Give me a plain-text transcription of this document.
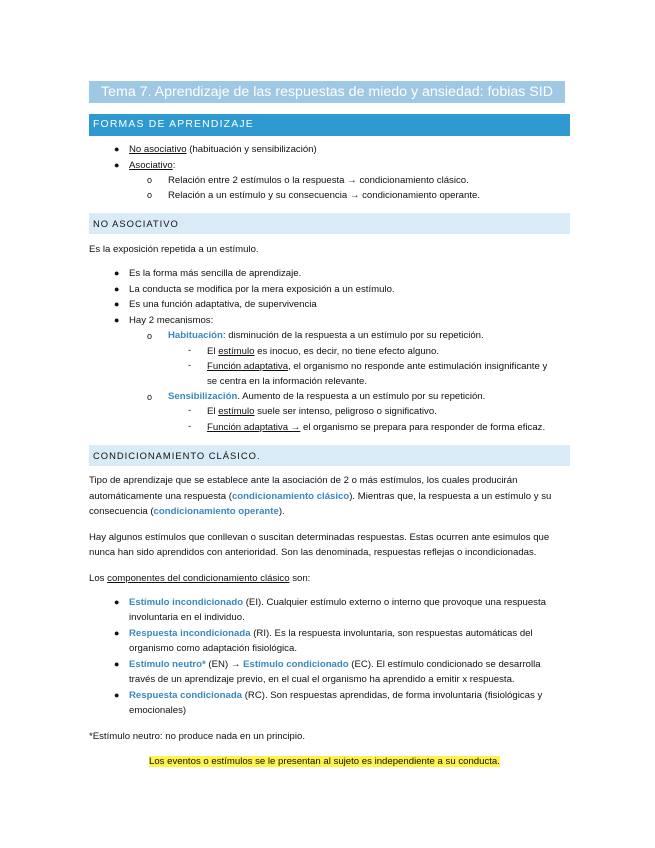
Tema 7. Aprendizaje de las respuestas de miedo y ansiedad: fobias SID
FORMAS DE APRENDIZAJE
● No asociativo (habituación y sensibilización)
● Asociativo:
o Relación entre 2 estímulos o la respuesta → condicionamiento clásico.
o Relación a un estímulo y su consecuencia → condicionamiento operante.
NO ASOCIATIVO
Es la exposición repetida a un estímulo.
● Es la forma más sencilla de aprendizaje.
● La conducta se modifica por la mera exposición a un estímulo.
● Es una función adaptativa, de supervivencia
● Hay 2 mecanismos:
o Habituación: disminución de la respuesta a un estímulo por su repetición.
- El estímulo es inocuo, es decir, no tiene efecto alguno.
- Función adaptativa, el organismo no responde ante estimulación insignificante y
se centra en la información relevante.
o Sensibilización. Aumento de la respuesta a un estímulo por su repetición.
- El estímulo suele ser intenso, peligroso o significativo.
- Función adaptativa → el organismo se prepara para responder de forma eficaz.
CONDICIONAMIENTO CLÁSICO.
Tipo de aprendizaje que se establece ante la asociación de 2 o más estímulos, los cuales producirán
automáticamente una respuesta (condicionamiento clásico). Mientras que, la respuesta a un estímulo y su
consecuencia (condicionamiento operante).
Hay algunos estímulos que conllevan o suscitan determinadas respuestas. Estas ocurren ante esimulos que
nunca han sido aprendidos con anterioridad. Son las denominada, respuestas reflejas o incondicionadas.
Los componentes del condicionamiento clásico son:
● Estímulo incondicionado (EI). Cualquier estímulo externo o interno que provoque una respuesta
involuntaria en el individuo.
● Respuesta incondicionada (RI). Es la respuesta involuntaria, son respuestas automáticas del
organismo como adaptación fisiológica.
● Estímulo neutro* (EN) → Estímulo condicionado (EC). El estímulo condicionado se desarrolla
través de un aprendizaje previo, en el cual el organismo ha aprendido a emitir x respuesta.
● Respuesta condicionada (RC). Son respuestas aprendidas, de forma involuntaria (fisiológicas y
emocionales)
*Estímulo neutro: no produce nada en un principio.
Los eventos o estímulos se le presentan al sujeto es independiente a su conducta.
